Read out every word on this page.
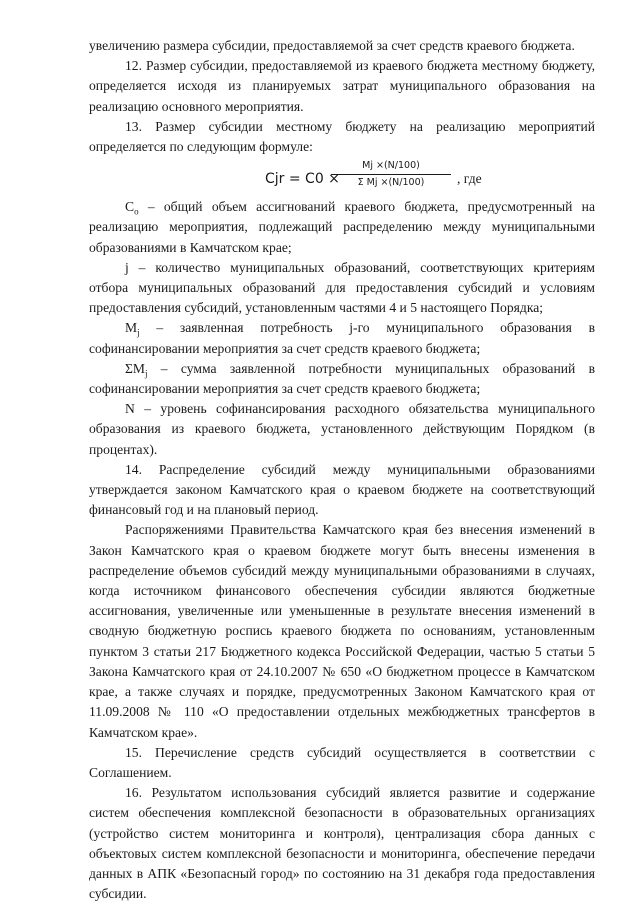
увеличению размера субсидии, предоставляемой за счет средств краевого бюджета.

12. Размер субсидии, предоставляемой из краевого бюджета местному бюджету, определяется исходя из планируемых затрат муниципального образования на реализацию основного мероприятия.

13. Размер субсидии местному бюджету на реализацию мероприятий определяется по следующим формуле:

Cjr = C0 ×
Mj ×(N/100)
Σ Mj ×(N/100)	, где

$C_о$ – общий объем ассигнований краевого бюджета, предусмотренный на реализацию мероприятия, подлежащий распределению между муниципальными образованиями в Камчатском крае;

j – количество муниципальных образований, соответствующих критериям отбора муниципальных образований для предоставления субсидий и условиям предоставления субсидий, установленным частями 4 и 5 настоящего Порядка;

$M_j$ – заявленная потребность j-го муниципального образования в софинансировании мероприятия за счет средств краевого бюджета;

$\Sigma M_j$ – сумма заявленной потребности муниципальных образований в софинансировании мероприятия за счет средств краевого бюджета;

N – уровень софинансирования расходного обязательства муниципального образования из краевого бюджета, установленного действующим Порядком (в процентах).

14. Распределение субсидий между муниципальными образованиями утверждается законом Камчатского края о краевом бюджете на соответствующий финансовый год и на плановый период.

Распоряжениями Правительства Камчатского края без внесения изменений в Закон Камчатского края о краевом бюджете могут быть внесены изменения в распределение объемов субсидий между муниципальными образованиями в случаях, когда источником финансового обеспечения субсидии являются бюджетные ассигнования, увеличенные или уменьшенные в результате внесения изменений в сводную бюджетную роспись краевого бюджета по основаниям, установленным пунктом 3 статьи 217 Бюджетного кодекса Российской Федерации, частью 5 статьи 5 Закона Камчатского края от 24.10.2007 № 650 «О бюджетном процессе в Камчатском крае, а также случаях и порядке, предусмотренных Законом Камчатского края от 11.09.2008 № 110 «О предоставлении отдельных межбюджетных трансфертов в Камчатском крае».

15. Перечисление средств субсидий осуществляется в соответствии с Соглашением.

16. Результатом использования субсидий является развитие и содержание систем обеспечения комплексной безопасности в образовательных организациях (устройство систем мониторинга и контроля), централизация сбора данных с объектовых систем комплексной безопасности и мониторинга, обеспечение передачи данных в АПК «Безопасный город» по состоянию на 31 декабря года предоставления субсидии.
